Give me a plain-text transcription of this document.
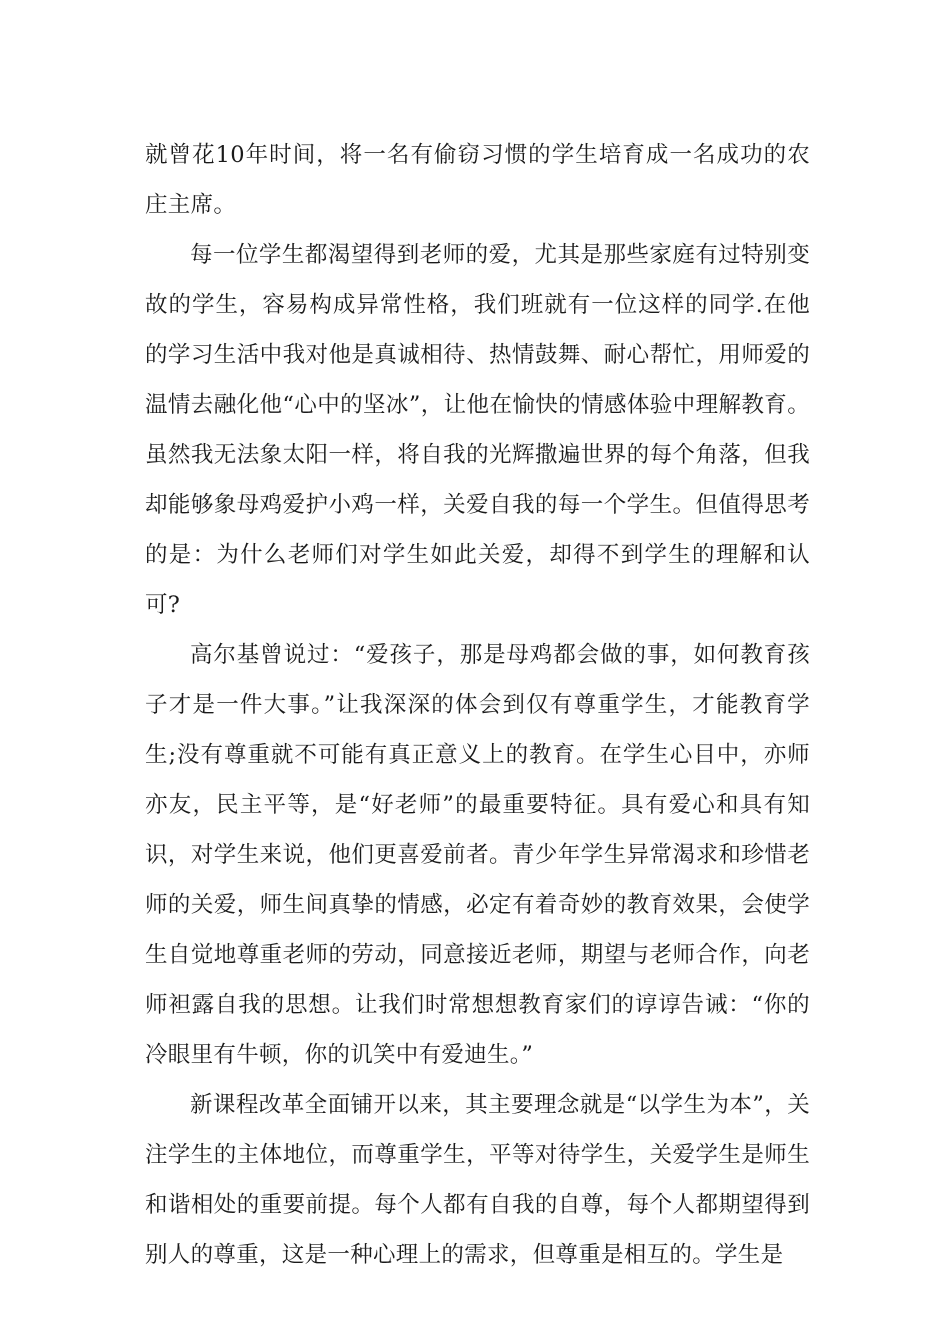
就曾花10年时间，将一名有偷窃习惯的学生培育成一名成功的农庄主席。

每一位学生都渴望得到老师的爱，尤其是那些家庭有过特别变故的学生，容易构成异常性格，我们班就有一位这样的同学.在他的学习生活中我对他是真诚相待、热情鼓舞、耐心帮忙，用师爱的温情去融化他“心中的坚冰”，让他在愉快的情感体验中理解教育。虽然我无法象太阳一样，将自我的光辉撒遍世界的每个角落，但我却能够象母鸡爱护小鸡一样，关爱自我的每一个学生。但值得思考的是：为什么老师们对学生如此关爱，却得不到学生的理解和认可?

高尔基曾说过：“爱孩子，那是母鸡都会做的事，如何教育孩子才是一件大事。”让我深深的体会到仅有尊重学生，才能教育学生;没有尊重就不可能有真正意义上的教育。在学生心目中，亦师亦友，民主平等，是“好老师”的最重要特征。具有爱心和具有知识，对学生来说，他们更喜爱前者。青少年学生异常渴求和珍惜老师的关爱，师生间真挚的情感，必定有着奇妙的教育效果，会使学生自觉地尊重老师的劳动，同意接近老师，期望与老师合作，向老师袒露自我的思想。让我们时常想想教育家们的谆谆告诫：“你的冷眼里有牛顿，你的讥笑中有爱迪生。”

新课程改革全面铺开以来，其主要理念就是“以学生为本”，关注学生的主体地位，而尊重学生，平等对待学生，关爱学生是师生和谐相处的重要前提。每个人都有自我的自尊，每个人都期望得到别人的尊重，这是一种心理上的需求，但尊重是相互的。学生是
